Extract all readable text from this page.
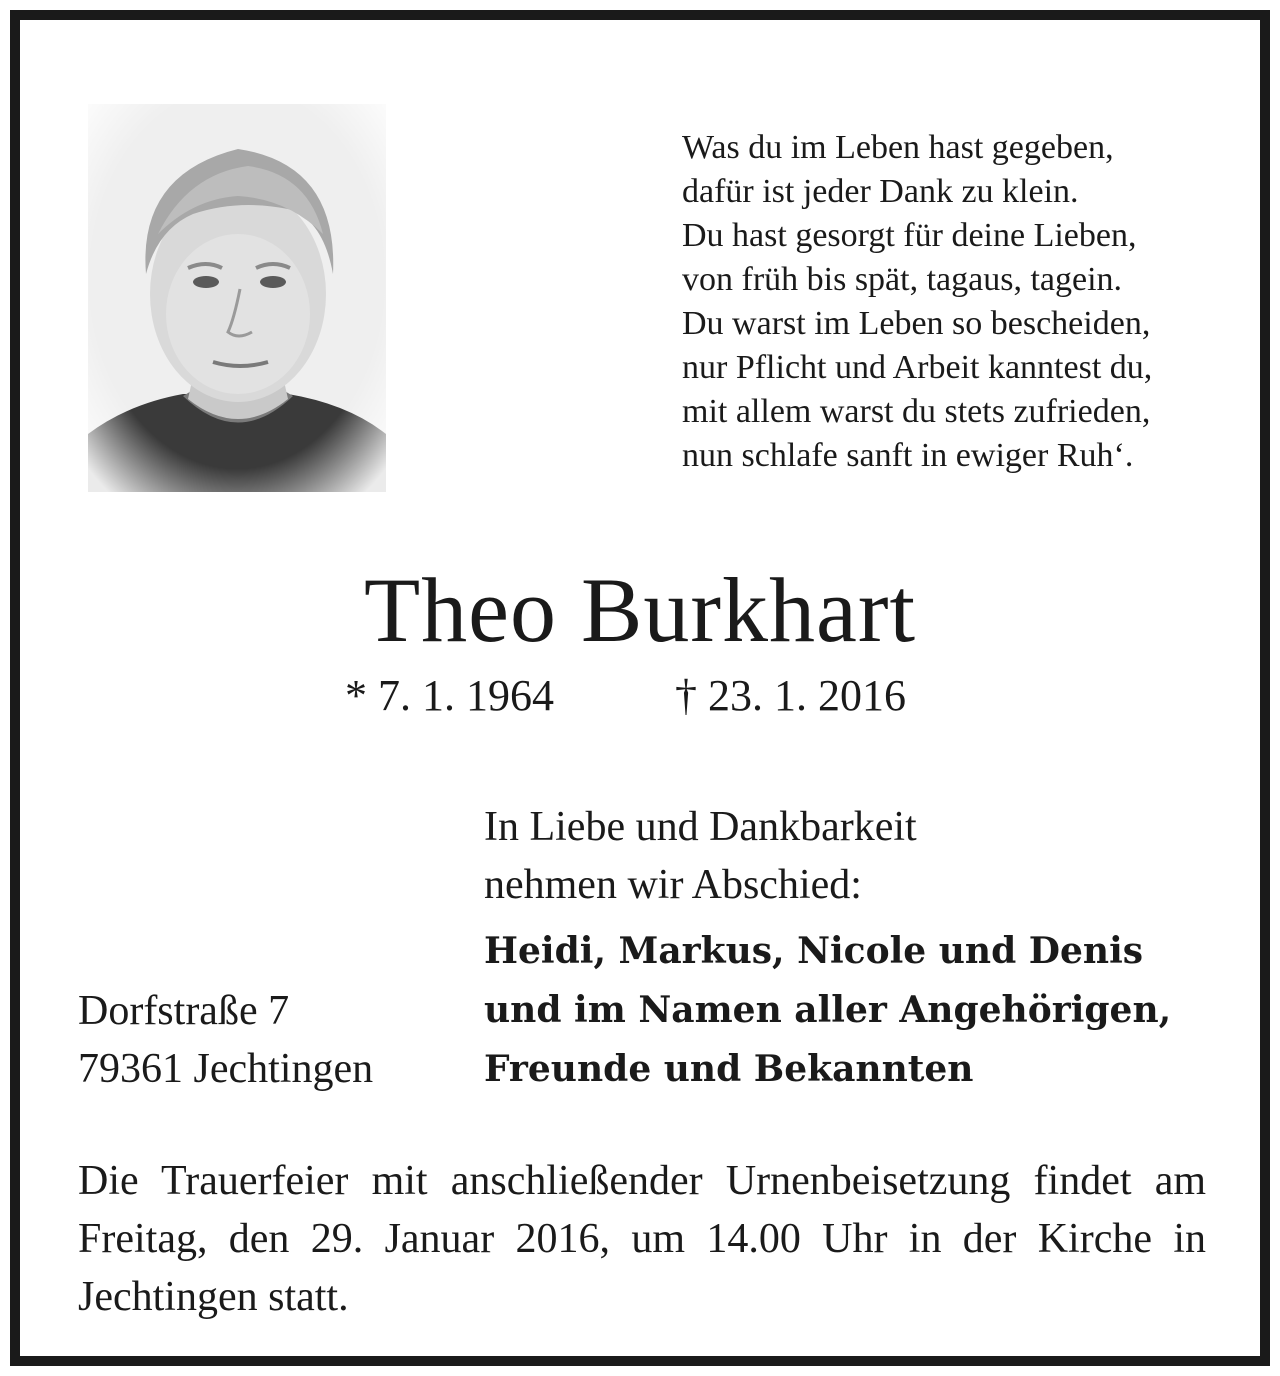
Was du im Leben hast gegeben,
dafür ist jeder Dank zu klein.
Du hast gesorgt für deine Lieben,
von früh bis spät, tagaus, tagein.
Du warst im Leben so bescheiden,
nur Pflicht und Arbeit kanntest du,
mit allem warst du stets zufrieden,
nun schlafe sanft in ewiger Ruh‘.
Theo Burkhart
* 7. 1. 1964	† 23. 1. 2016
In Liebe und Dankbarkeit
nehmen wir Abschied:
Heidi, Markus, Nicole und Denis
und im Namen aller Angehörigen,
Freunde und Bekannten
Dorfstraße 7
79361 Jechtingen
Die Trauerfeier mit anschließender Urnenbeisetzung findet am Freitag, den 29. Januar 2016, um 14.00 Uhr in der Kirche in Jechtingen statt.
